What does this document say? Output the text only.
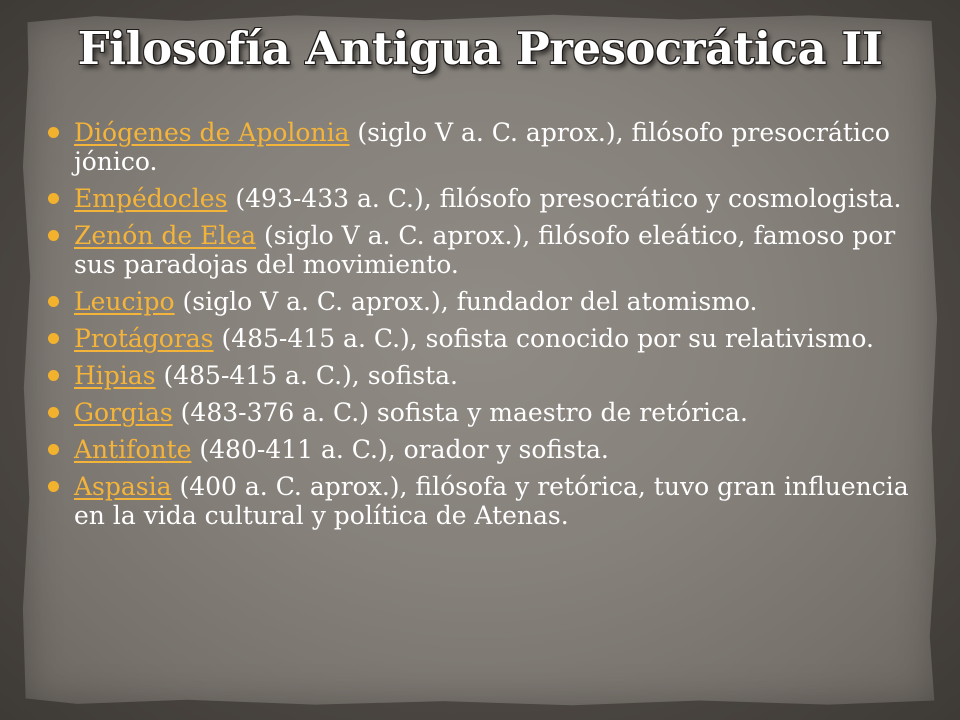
Filosofía Antigua Presocrática II
Diógenes de Apolonia (siglo V a. C. aprox.), filósofo presocrático jónico.
Empédocles (493-433 a. C.), filósofo presocrático y cosmologista.
Zenón de Elea (siglo V a. C. aprox.), filósofo eleático, famoso por sus paradojas del movimiento.
Leucipo (siglo V a. C. aprox.), fundador del atomismo.
Protágoras (485-415 a. C.), sofista conocido por su relativismo.
Hipias (485-415 a. C.), sofista.
Gorgias (483-376 a. C.) sofista y maestro de retórica.
Antifonte (480-411 a. C.), orador y sofista.
Aspasia (400 a. C. aprox.), filósofa y retórica, tuvo gran influencia en la vida cultural y política de Atenas.
